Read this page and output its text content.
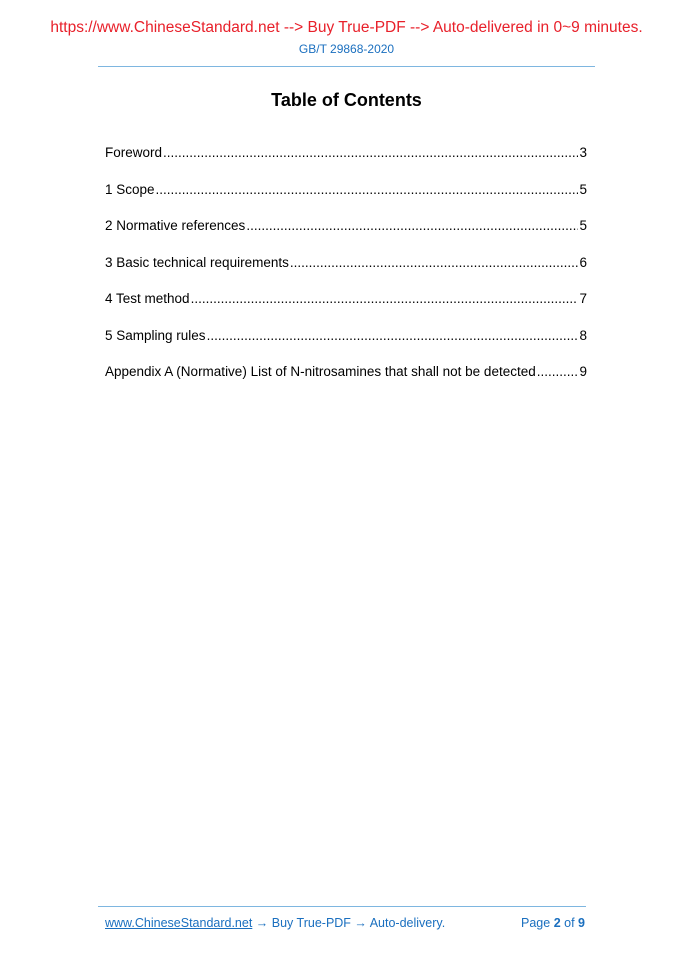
https://www.ChineseStandard.net --> Buy True-PDF --> Auto-delivered in 0~9 minutes.
GB/T 29868-2020
Table of Contents
Foreword .....	3
1 Scope .....	5
2 Normative references .....	5
3 Basic technical requirements .....	6
4 Test method .....	7
5 Sampling rules .....	8
Appendix A (Normative) List of N-nitrosamines that shall not be detected .....	9
www.ChineseStandard.net → Buy True-PDF → Auto-delivery.	Page 2 of 9
